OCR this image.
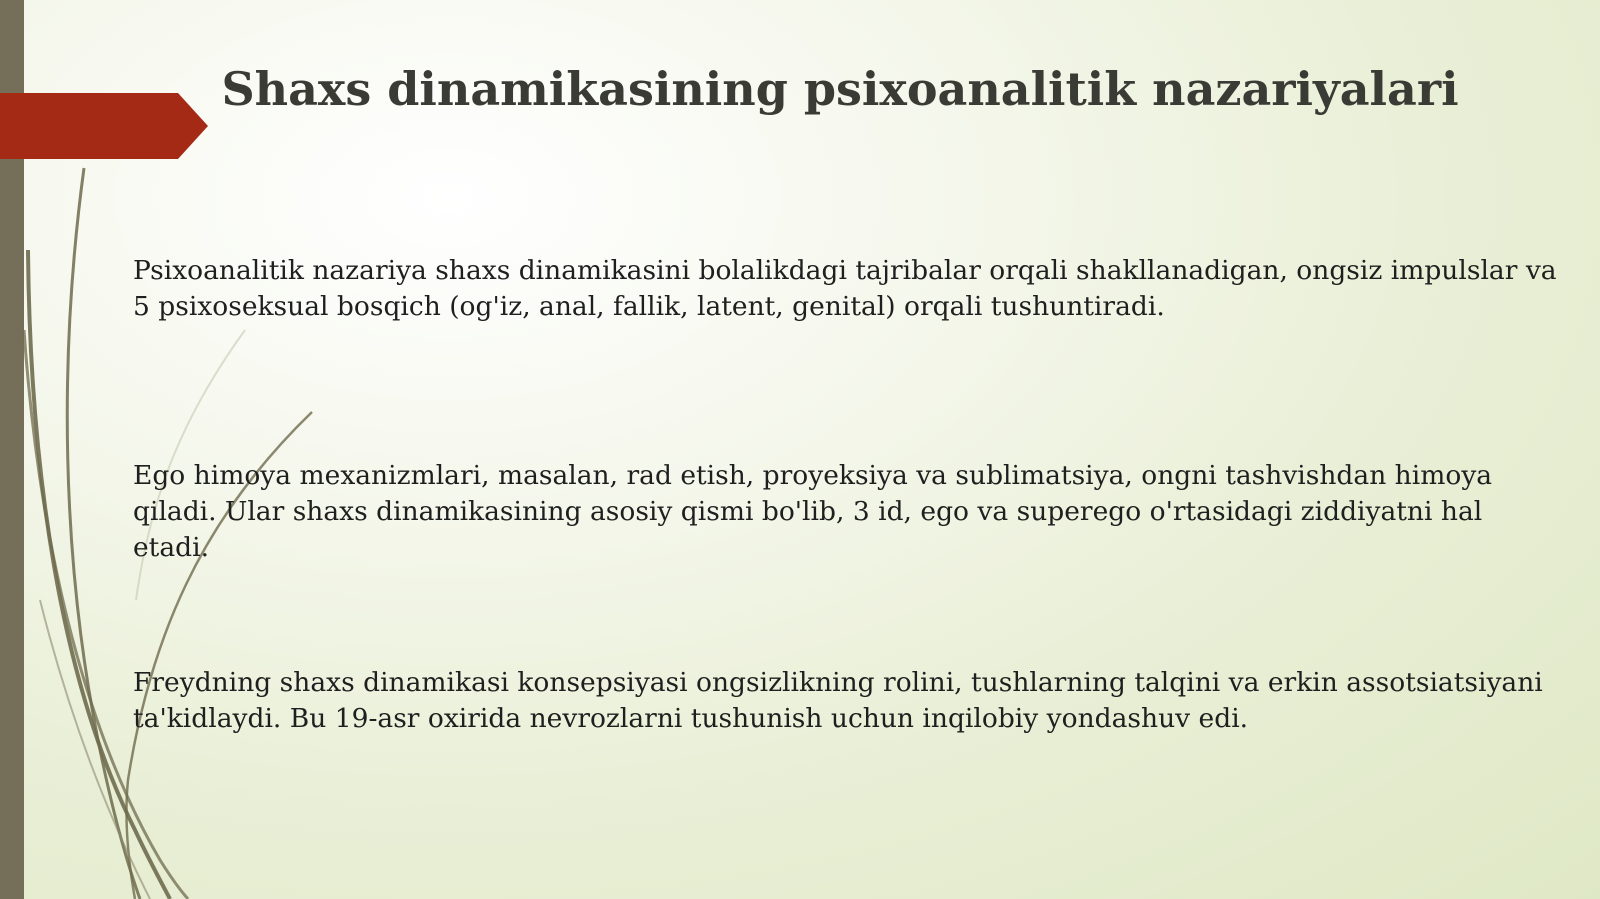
Shaxs dinamikasining psixoanalitik nazariyalari

Psixoanalitik nazariya shaxs dinamikasini bolalikdagi tajribalar orqali shakllanadigan, ongsiz impulslar va 5 psixoseksual bosqich (og'iz, anal, fallik, latent, genital) orqali tushuntiradi.

Ego himoya mexanizmlari, masalan, rad etish, proyeksiya va sublimatsiya, ongni tashvishdan himoya qiladi. Ular shaxs dinamikasining asosiy qismi bo'lib, 3 id, ego va superego o'rtasidagi ziddiyatni hal etadi.

Freydning shaxs dinamikasi konsepsiyasi ongsizlikning rolini, tushlarning talqini va erkin assotsiatsiyani ta'kidlaydi. Bu 19-asr oxirida nevrozlarni tushunish uchun inqilobiy yondashuv edi.
